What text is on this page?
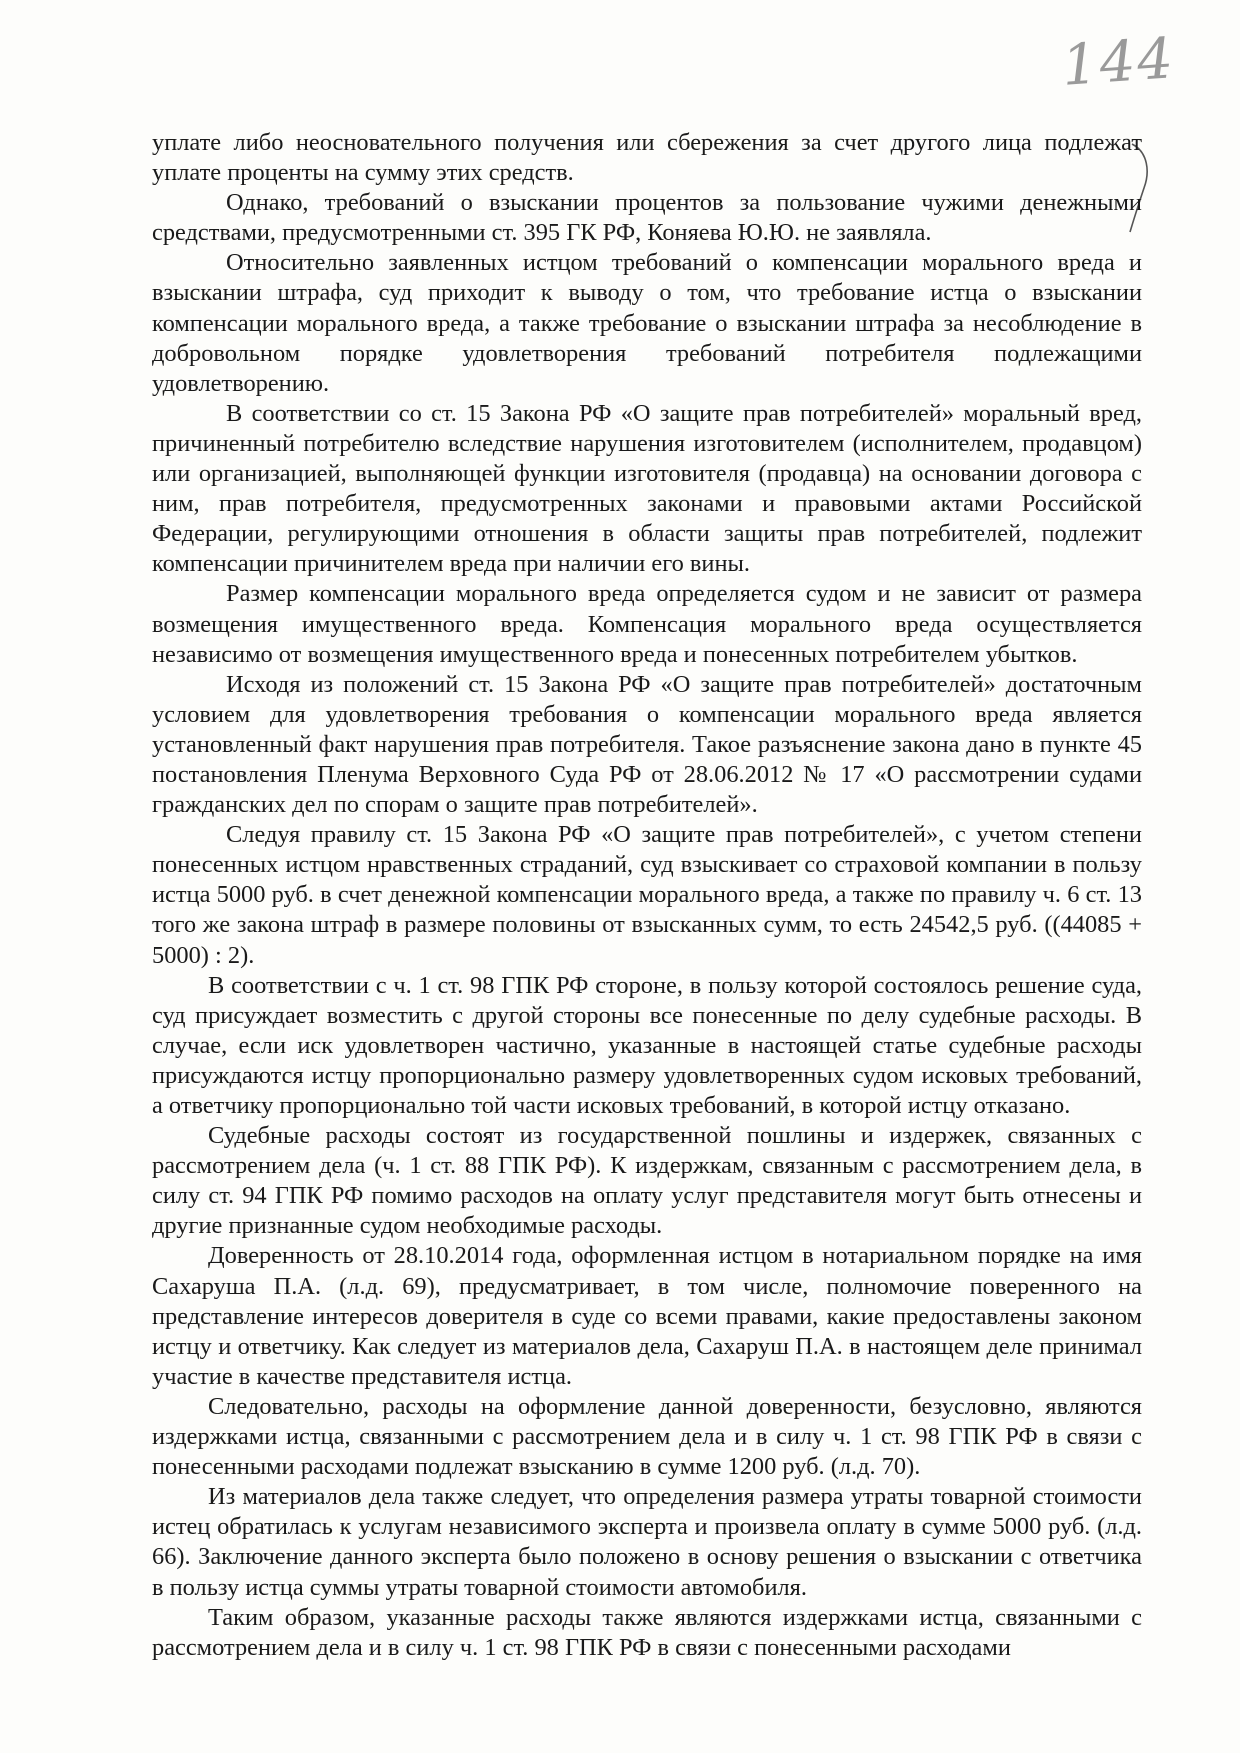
144

уплате либо неосновательного получения или сбережения за счет другого лица подлежат уплате проценты на сумму этих средств.

Однако, требований о взыскании процентов за пользование чужими денежными средствами, предусмотренными ст. 395 ГК РФ, Коняева Ю.Ю. не заявляла.

Относительно заявленных истцом требований о компенсации морального вреда и взыскании штрафа, суд приходит к выводу о том, что требование истца о взыскании компенсации морального вреда, а также требование о взыскании штрафа за несоблюдение в добровольном порядке удовлетворения требований потребителя подлежащими удовлетворению.

В соответствии со ст. 15 Закона РФ «О защите прав потребителей» моральный вред, причиненный потребителю вследствие нарушения изготовителем (исполнителем, продавцом) или организацией, выполняющей функции изготовителя (продавца) на основании договора с ним, прав потребителя, предусмотренных законами и правовыми актами Российской Федерации, регулирующими отношения в области защиты прав потребителей, подлежит компенсации причинителем вреда при наличии его вины.

Размер компенсации морального вреда определяется судом и не зависит от размера возмещения имущественного вреда. Компенсация морального вреда осуществляется независимо от возмещения имущественного вреда и понесенных потребителем убытков.

Исходя из положений ст. 15 Закона РФ «О защите прав потребителей» достаточным условием для удовлетворения требования о компенсации морального вреда является установленный факт нарушения прав потребителя. Такое разъяснение закона дано в пункте 45 постановления Пленума Верховного Суда РФ от 28.06.2012 № 17 «О рассмотрении судами гражданских дел по спорам о защите прав потребителей».

Следуя правилу ст. 15 Закона РФ «О защите прав потребителей», с учетом степени понесенных истцом нравственных страданий, суд взыскивает со страховой компании в пользу истца 5000 руб. в счет денежной компенсации морального вреда, а также по правилу ч. 6 ст. 13 того же закона штраф в размере половины от взысканных сумм, то есть 24542,5 руб. ((44085 + 5000) : 2).

В соответствии с ч. 1 ст. 98 ГПК РФ стороне, в пользу которой состоялось решение суда, суд присуждает возместить с другой стороны все понесенные по делу судебные расходы. В случае, если иск удовлетворен частично, указанные в настоящей статье судебные расходы присуждаются истцу пропорционально размеру удовлетворенных судом исковых требований, а ответчику пропорционально той части исковых требований, в которой истцу отказано.

Судебные расходы состоят из государственной пошлины и издержек, связанных с рассмотрением дела (ч. 1 ст. 88 ГПК РФ). К издержкам, связанным с рассмотрением дела, в силу ст. 94 ГПК РФ помимо расходов на оплату услуг представителя могут быть отнесены и другие признанные судом необходимые расходы.

Доверенность от 28.10.2014 года, оформленная истцом в нотариальном порядке на имя Сахаруша П.А. (л.д. 69), предусматривает, в том числе, полномочие поверенного на представление интересов доверителя в суде со всеми правами, какие предоставлены законом истцу и ответчику. Как следует из материалов дела, Сахаруш П.А. в настоящем деле принимал участие в качестве представителя истца.

Следовательно, расходы на оформление данной доверенности, безусловно, являются издержками истца, связанными с рассмотрением дела и в силу ч. 1 ст. 98 ГПК РФ в связи с понесенными расходами подлежат взысканию в сумме 1200 руб. (л.д. 70).

Из материалов дела также следует, что определения размера утраты товарной стоимости истец обратилась к услугам независимого эксперта и произвела оплату в сумме 5000 руб. (л.д. 66). Заключение данного эксперта было положено в основу решения о взыскании с ответчика в пользу истца суммы утраты товарной стоимости автомобиля.

Таким образом, указанные расходы также являются издержками истца, связанными с рассмотрением дела и в силу ч. 1 ст. 98 ГПК РФ в связи с понесенными расходами
